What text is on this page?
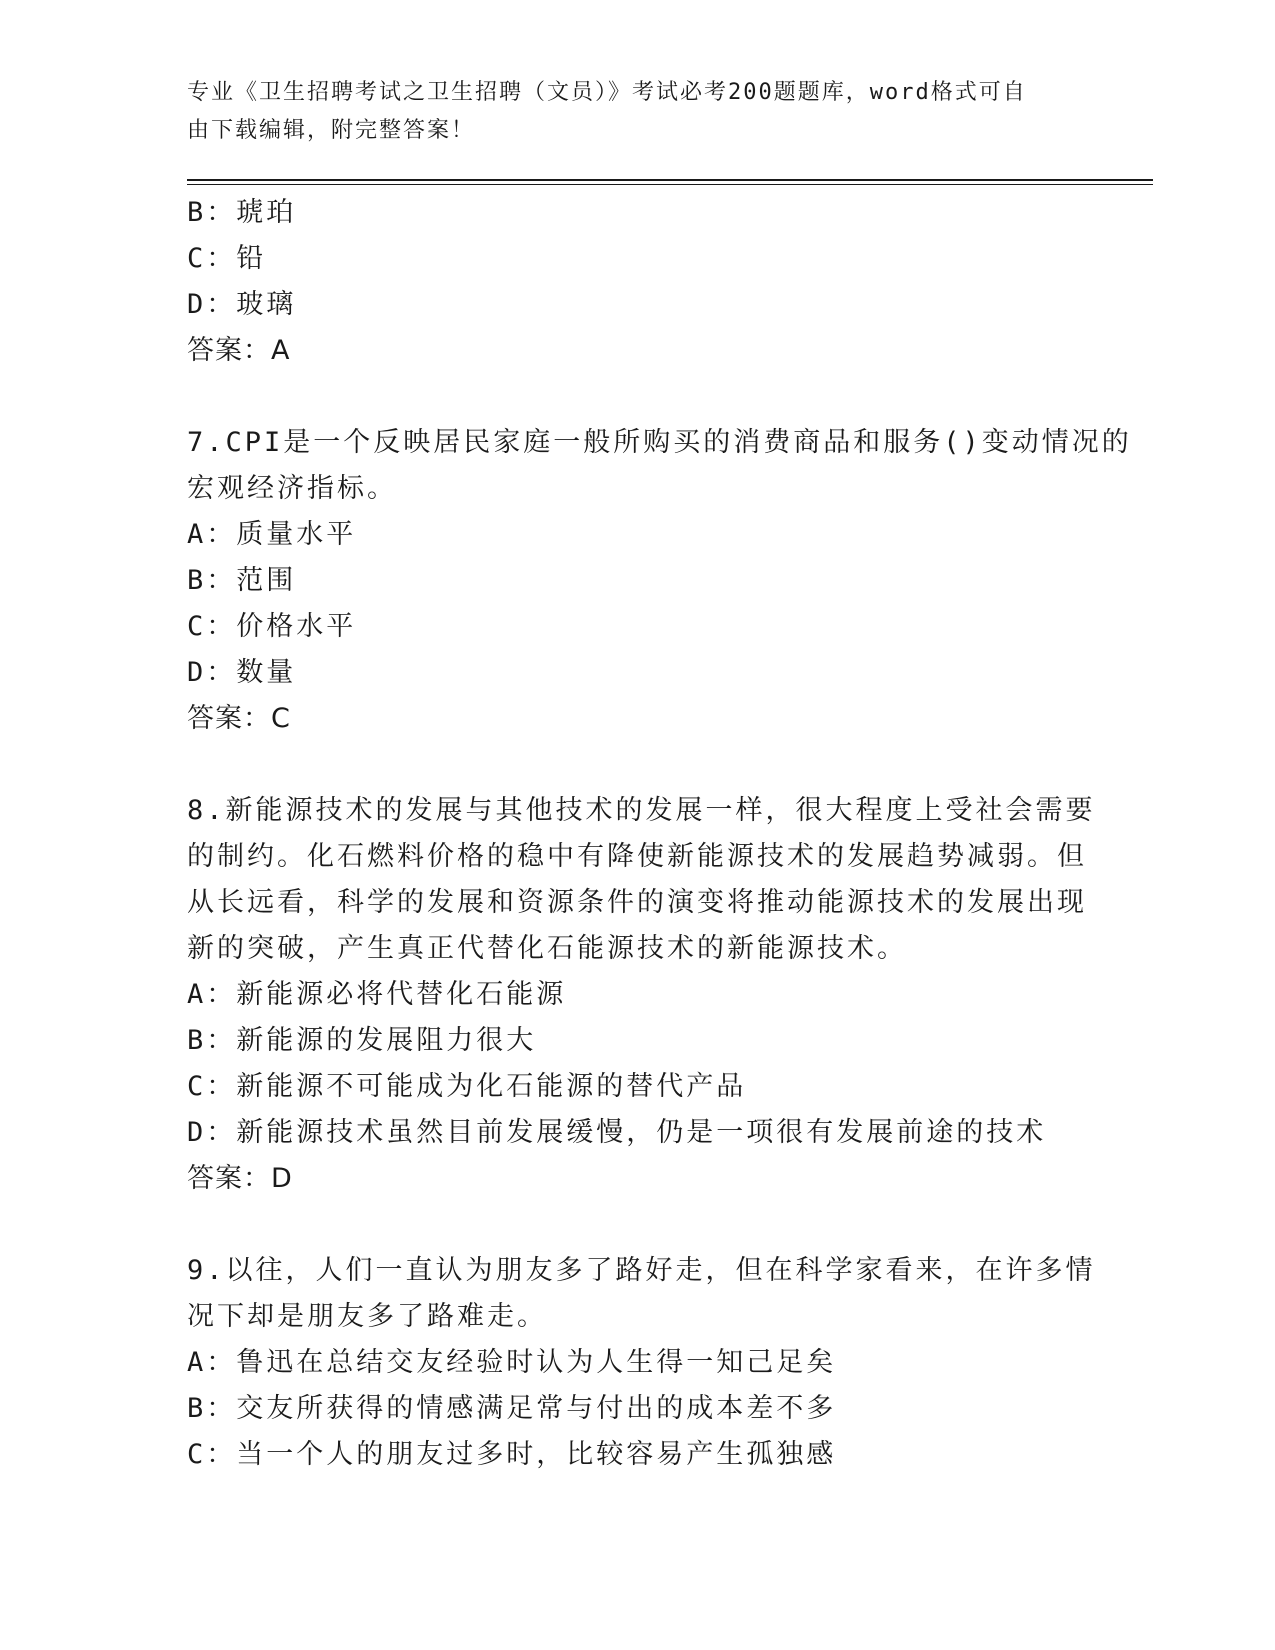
专业《卫生招聘考试之卫生招聘（文员）》考试必考200题题库，word格式可自
由下载编辑，附完整答案！
B：琥珀
C：铅
D：玻璃
答案：A
7.CPI是一个反映居民家庭一般所购买的消费商品和服务()变动情况的
宏观经济指标。
A：质量水平
B：范围
C：价格水平
D：数量
答案：C
8.新能源技术的发展与其他技术的发展一样，很大程度上受社会需要
的制约。化石燃料价格的稳中有降使新能源技术的发展趋势减弱。但
从长远看，科学的发展和资源条件的演变将推动能源技术的发展出现
新的突破，产生真正代替化石能源技术的新能源技术。
A：新能源必将代替化石能源
B：新能源的发展阻力很大
C：新能源不可能成为化石能源的替代产品
D：新能源技术虽然目前发展缓慢，仍是一项很有发展前途的技术
答案：D
9.以往，人们一直认为朋友多了路好走，但在科学家看来，在许多情
况下却是朋友多了路难走。
A：鲁迅在总结交友经验时认为人生得一知己足矣
B：交友所获得的情感满足常与付出的成本差不多
C：当一个人的朋友过多时，比较容易产生孤独感
